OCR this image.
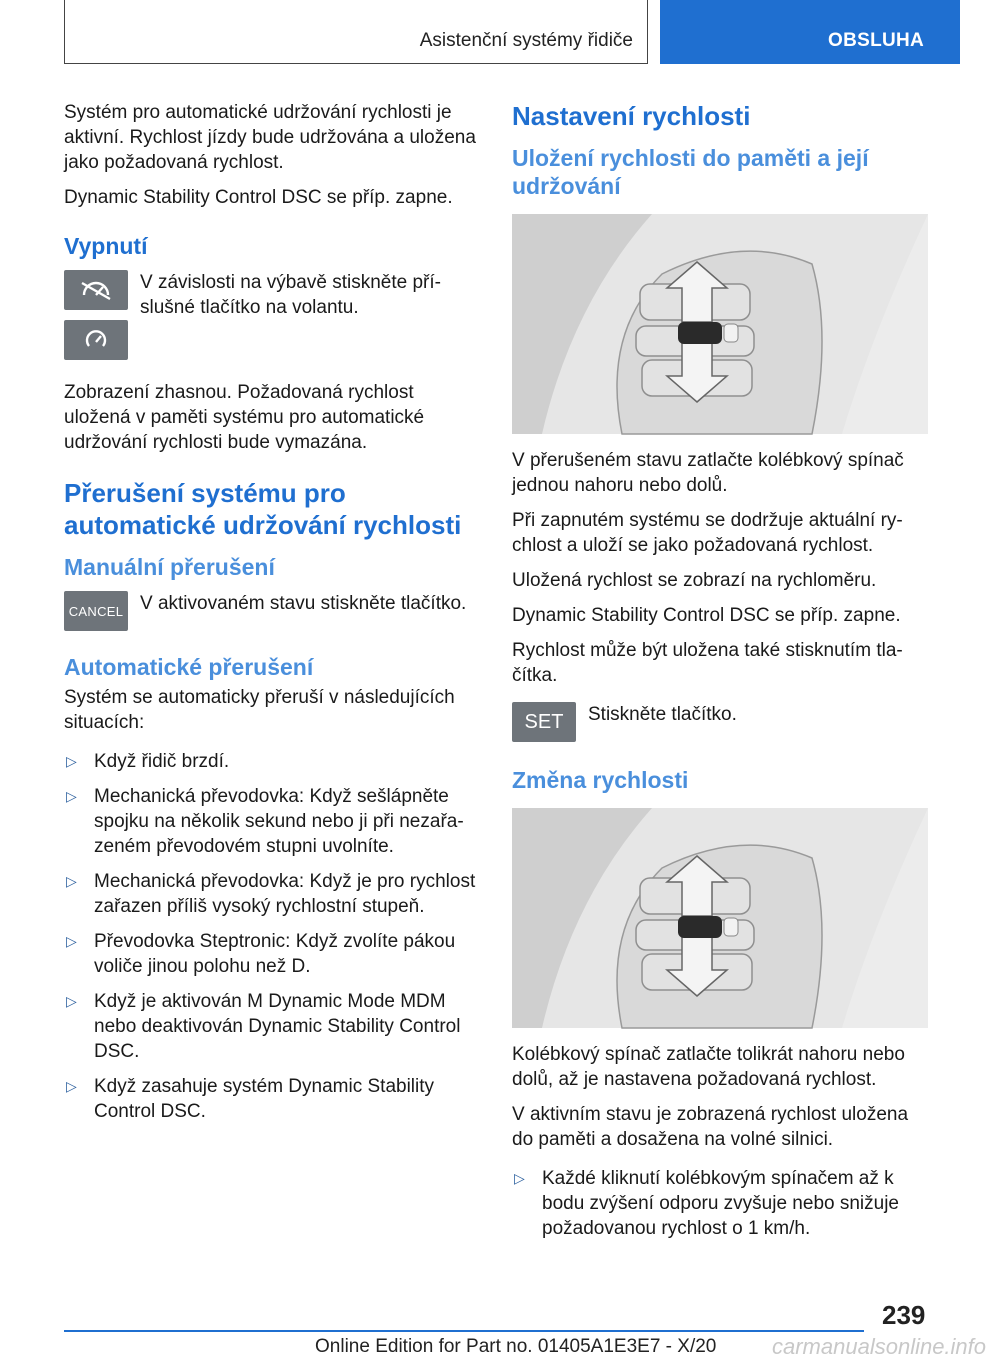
Asistenční systémy řidiče	OBSLUHA

Systém pro automatické udržování rychlosti je aktivní. Rychlost jízdy bude udržována a uložena jako požadovaná rychlost.

Dynamic Stability Control DSC se příp. zapne.

Vypnutí
V závislosti na výbavě stiskněte příslušné tlačítko na volantu.

Zobrazení zhasnou. Požadovaná rychlost uložená v paměti systému pro automatické udržování rychlosti bude vymazána.

Přerušení systému pro automatické udržování rychlosti
Manuální přerušení
CANCEL V aktivovaném stavu stiskněte tlačítko.
Automatické přerušení

Systém se automaticky přeruší v následujících situacích:

▷ Když řidič brzdí.
▷ Mechanická převodovka: Když sešlápněte spojku na několik sekund nebo ji při nezařazeném převodovém stupni uvolníte.
▷ Mechanická převodovka: Když je pro rychlost zařazen příliš vysoký rychlostní stupeň.
▷ Převodovka Steptronic: Když zvolíte pákou voliče jinou polohu než D.
▷ Když je aktivován M Dynamic Mode MDM nebo deaktivován Dynamic Stability Control DSC.
▷ Když zasahuje systém Dynamic Stability Control DSC.
Nastavení rychlosti
Uložení rychlosti do paměti a její udržování

V přerušeném stavu zatlačte kolébkový spínač jednou nahoru nebo dolů.

Při zapnutém systému se dodržuje aktuální rychlost a uloží se jako požadovaná rychlost.

Uložená rychlost se zobrazí na rychloměru.

Dynamic Stability Control DSC se příp. zapne.

Rychlost může být uložena také stisknutím tlačítka.

SET	Stiskněte tlačítko.
Změna rychlosti

Kolébkový spínač zatlačte tolikrát nahoru nebo dolů, až je nastavena požadovaná rychlost.

V aktivním stavu je zobrazená rychlost uložena do paměti a dosažena na volné silnici.

▷ Každé kliknutí kolébkovým spínačem až k bodu zvýšení odporu zvyšuje nebo snižuje požadovanou rychlost o 1 km/h.
239
Online Edition for Part no. 01405A1E3E7 - X/20	carmanualsonline.info
